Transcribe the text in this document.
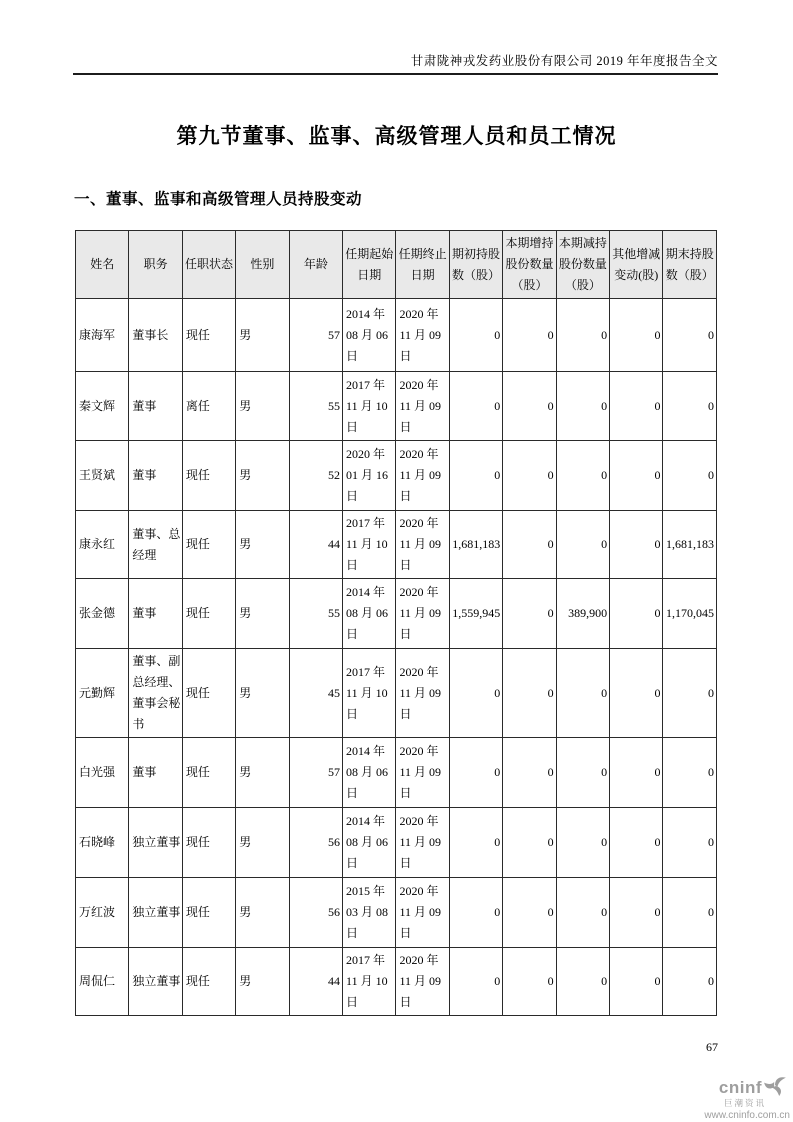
甘肃陇神戎发药业股份有限公司 2019 年年度报告全文
第九节董事、监事、高级管理人员和员工情况
一、董事、监事和高级管理人员持股变动
姓名	职务	任职状态	性别	年龄	任期起始日期	任期终止日期	期初持股数（股）	本期增持股份数量（股）	本期减持股份数量（股）	其他增减变动(股)	期末持股数（股）
康海军	董事长	现任	男	57	2014 年 08 月 06 日	2020 年 11 月 09 日	0	0	0	0	0
秦文辉	董事	离任	男	55	2017 年 11 月 10 日	2020 年 11 月 09 日	0	0	0	0	0
王贤斌	董事	现任	男	52	2020 年 01 月 16 日	2020 年 11 月 09 日	0	0	0	0	0
康永红	董事、总经理	现任	男	44	2017 年 11 月 10 日	2020 年 11 月 09 日	1,681,183	0	0	0	1,681,183
张金德	董事	现任	男	55	2014 年 08 月 06 日	2020 年 11 月 09 日	1,559,945	0	389,900	0	1,170,045
元勤辉	董事、副总经理、董事会秘书	现任	男	45	2017 年 11 月 10 日	2020 年 11 月 09 日	0	0	0	0	0
白光强	董事	现任	男	57	2014 年 08 月 06 日	2020 年 11 月 09 日	0	0	0	0	0
石晓峰	独立董事	现任	男	56	2014 年 08 月 06 日	2020 年 11 月 09 日	0	0	0	0	0
万红波	独立董事	现任	男	56	2015 年 03 月 08 日	2020 年 11 月 09 日	0	0	0	0	0
周侃仁	独立董事	现任	男	44	2017 年 11 月 10 日	2020 年 11 月 09 日	0	0	0	0	0
67
cninf
巨潮资讯
www.cninfo.com.cn
